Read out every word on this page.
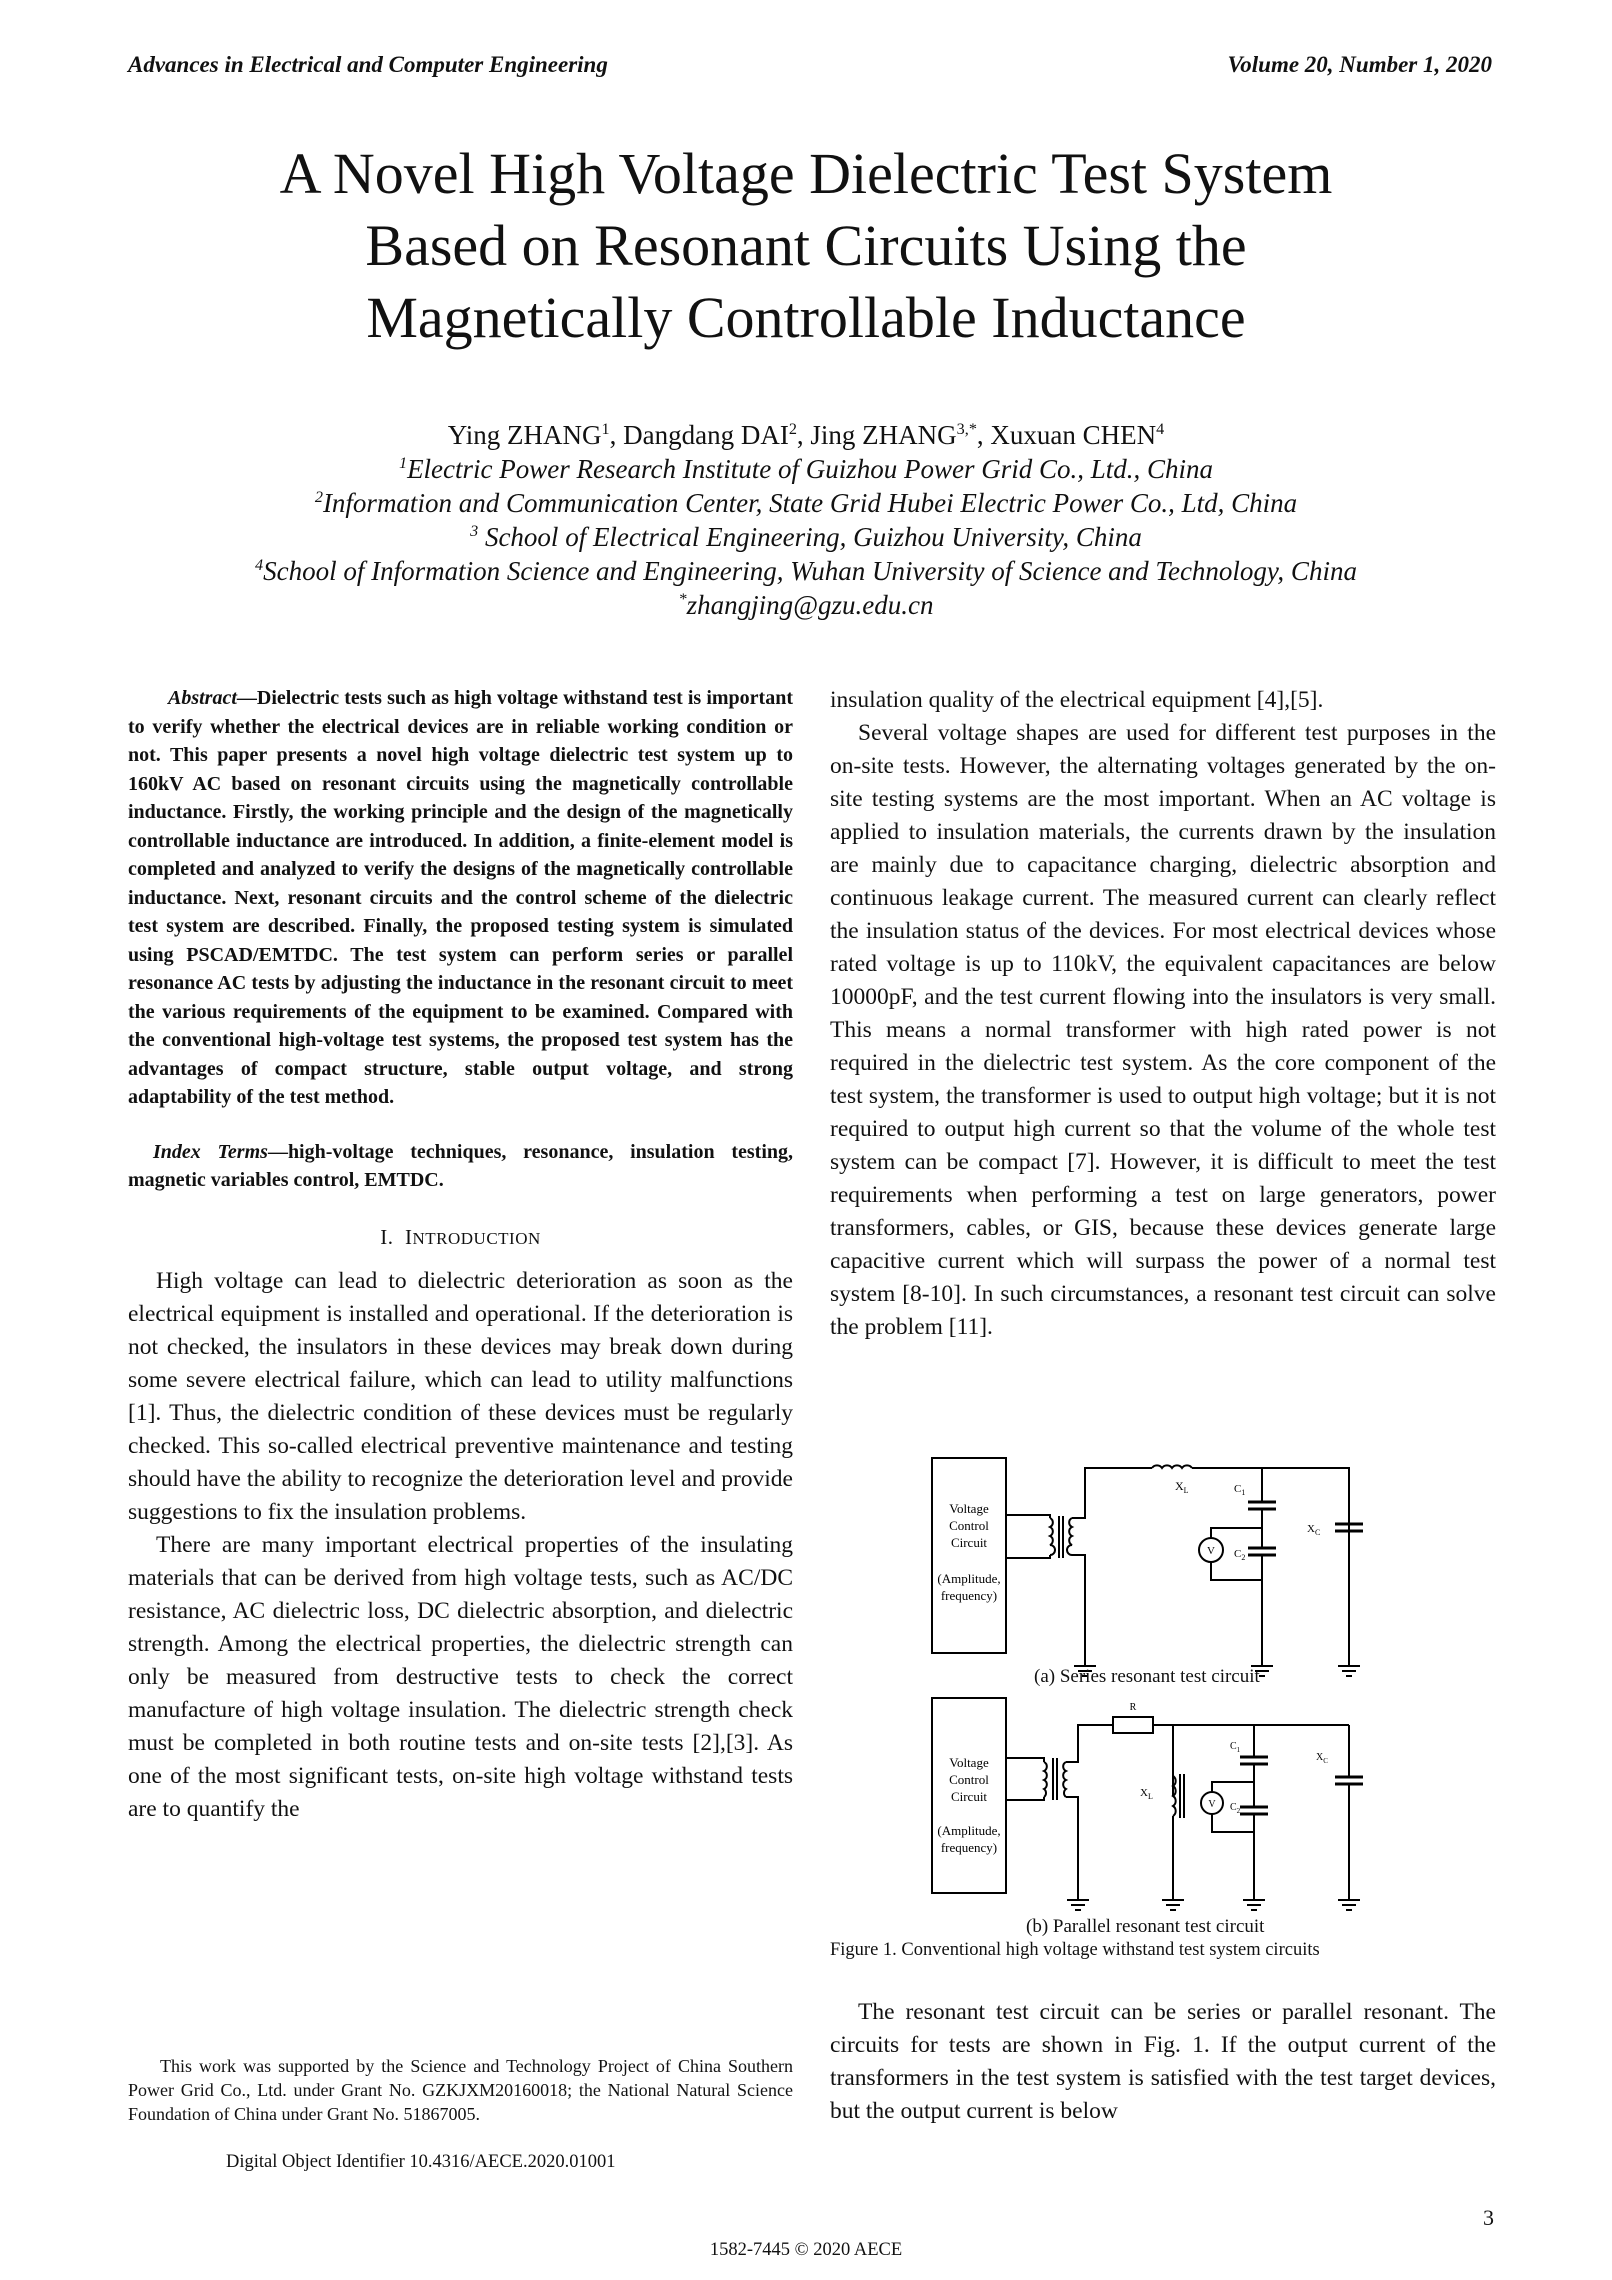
Advances in Electrical and Computer Engineering	Volume 20, Number 1, 2020
A Novel High Voltage Dielectric Test System
Based on Resonant Circuits Using the
Magnetically Controllable Inductance
Ying ZHANG$^1$, Dangdang DAI$^2$, Jing $ZHANG^{3,*}$, Xuxuan CHEN$^4$
$^1$Electric Power Research Institute of Guizhou Power Grid Co., Ltd., China
$^2$Information and Communication Center, State Grid Hubei Electric Power Co., Ltd, China
$^3$ School of Electrical Engineering, Guizhou University, China
$^4$School of Information Science and Engineering, Wuhan University of Science and Technology, China
*zhangjing@gzu.edu.cn

Abstract—Dielectric tests such as high voltage withstand test is important to verify whether the electrical devices are in reliable working condition or not. This paper presents a novel high voltage dielectric test system up to 160kV AC based on resonant circuits using the magnetically controllable inductance. Firstly, the working principle and the design of the magnetically controllable inductance are introduced. In addition, a finite-element model is completed and analyzed to verify the designs of the magnetically controllable inductance. Next, resonant circuits and the control scheme of the dielectric test system are described. Finally, the proposed testing system is simulated using PSCAD/EMTDC. The test system can perform series or parallel resonance AC tests by adjusting the inductance in the resonant circuit to meet the various requirements of the equipment to be examined. Compared with the conventional high-voltage test systems, the proposed test system has the advantages of compact structure, stable output voltage, and strong adaptability of the test method.

Index Terms—high-voltage techniques, resonance, insulation testing, magnetic variables control, EMTDC.

I. INTRODUCTION

High voltage can lead to dielectric deterioration as soon as the electrical equipment is installed and operational. If the deterioration is not checked, the insulators in these devices may break down during some severe electrical failure, which can lead to utility malfunctions [1]. Thus, the dielectric condition of these devices must be regularly checked. This so-called electrical preventive maintenance and testing should have the ability to recognize the deterioration level and provide suggestions to fix the insulation problems.

There are many important electrical properties of the insulating materials that can be derived from high voltage tests, such as AC/DC resistance, AC dielectric loss, DC dielectric absorption, and dielectric strength. Among the electrical properties, the dielectric strength can only be measured from destructive tests to check the correct manufacture of high voltage insulation. The dielectric strength check must be completed in both routine tests and on-site tests [2],[3]. As one of the most significant tests, on-site high voltage withstand tests are to quantify the

This work was supported by the Science and Technology Project of China Southern Power Grid Co., Ltd. under Grant No. GZKJXM20160018; the National Natural Science Foundation of China under Grant No. 51867005.

Digital Object Identifier 10.4316/AECE.2020.01001

insulation quality of the electrical equipment [4],[5].

Several voltage shapes are used for different test purposes in the on-site tests. However, the alternating voltages generated by the on-site testing systems are the most important. When an AC voltage is applied to insulation materials, the currents drawn by the insulation are mainly due to capacitance charging, dielectric absorption and continuous leakage current. The measured current can clearly reflect the insulation status of the devices. For most electrical devices whose rated voltage is up to 110kV, the equivalent capacitances are below 10000pF, and the test current flowing into the insulators is very small. This means a normal transformer with high rated power is not required in the dielectric test system. As the core component of the test system, the transformer is used to output high voltage; but it is not required to output high current so that the volume of the whole test system can be compact [7]. However, it is difficult to meet the test requirements when performing a test on large generators, power transformers, cables, or GIS, because these devices generate large capacitive current which will surpass the power of a normal test system [8-10]. In such circumstances, a resonant test circuit can solve the problem [11].

Voltage
Control
Circuit
(Amplitude,
frequency)
$X_L$	$C_1$
$C_2$
V
$X_C$
Voltage
Control
Circuit
(Amplitude,
frequency)
R
$X_L$
$C_1$
$C_2$
V
$X_C$
(a) Series resonant test circuit
(b) Parallel resonant test circuit
Figure 1. Conventional high voltage withstand test system circuits

The resonant test circuit can be series or parallel resonant. The circuits for tests are shown in Fig. 1. If the output current of the transformers in the test system is satisfied with the test target devices, but the output current is below

3
1582-7445 © 2020 AECE
